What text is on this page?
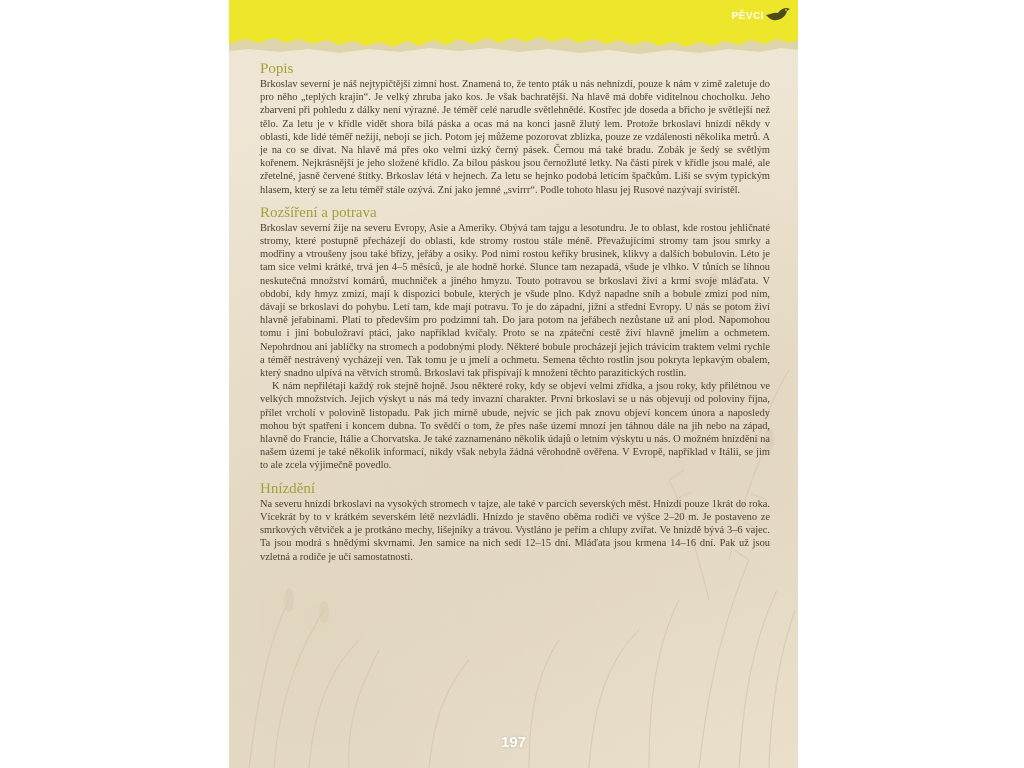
PĚVCI
Popis

Brkoslav severní je náš nejtypičtější zimní host. Znamená to, že tento pták u nás nehnízdí, pouze k nám v zimě zaletuje do pro něho „teplých krajin“. Je velký zhruba jako kos. Je však bachratější. Na hlavě má dobře viditelnou chocholku. Jeho zbarvení při pohledu z dálky není výrazné. Je téměř celé narudle světlehnědé. Kostřec jde doseda a břicho je světlejší než tělo. Za letu je v křídle vidět shora bílá páska a ocas má na konci jasně žlutý lem. Protože brkoslavi hnízdí někdy v oblasti, kde lidé téměř nežijí, nebojí se jich. Potom jej můžeme pozorovat zblízka, pouze ze vzdálenosti několika metrů. A je na co se dívat. Na hlavě má přes oko velmi úzký černý pásek. Černou má také bradu. Zobák je šedý se světlým kořenem. Nejkrásnější je jeho složené křídlo. Za bílou páskou jsou černožluté letky. Na části pírek v křídle jsou malé, ale zřetelné, jasně červené štítky. Brkoslav létá v hejnech. Za letu se hejnko podobá letícím špačkům. Liší se svým typickým hlasem, který se za letu téměř stále ozývá. Zní jako jemné „svirrr“. Podle tohoto hlasu jej Rusové nazývají svirístěl.

Rozšíření a potrava

Brkoslav severní žije na severu Evropy, Asie a Ameriky. Obývá tam tajgu a lesotundru. Je to oblast, kde rostou jehličnaté stromy, které postupně přecházejí do oblasti, kde stromy rostou stále méně. Převažujícími stromy tam jsou smrky a modřiny a vtroušeny jsou také břízy, jeřáby a osiky. Pod nimi rostou keříky brusinek, klikvy a dalších bobulovin. Léto je tam sice velmi krátké, trvá jen 4–5 měsíců, je ale hodně horké. Slunce tam nezapadá, všude je vlhko. V tůních se líhnou neskutečná množství komárů, muchniček a jiného hmyzu. Touto potravou se brkoslavi živí a krmí svoje mláďata. V období, kdy hmyz zmizí, mají k dispozici bobule, kterých je všude plno. Když napadne sníh a bobule zmizí pod ním, dávají se brkoslavi do pohybu. Letí tam, kde mají potravu. To je do západní, jižní a střední Evropy. U nás se potom živí hlavně jeřabinami. Platí to především pro podzimní tah. Do jara potom na jeřábech nezůstane už ani plod. Napomohou tomu i jiní bobuložraví ptáci, jako například kvíčaly. Proto se na zpáteční cestě živí hlavně jmelím a ochmetem. Nepohrdnou ani jablíčky na stromech a podobnými plody. Některé bobule procházejí jejich trávicím traktem velmi rychle a téměř nestrávený vycházejí ven. Tak tomu je u jmelí a ochmetu. Semena těchto rostlin jsou pokryta lepkavým obalem, který snadno ulpívá na větvích stromů. Brkoslavi tak přispívají k množení těchto parazitických rostlin.

K nám nepřilétají každý rok stejně hojně. Jsou některé roky, kdy se objeví velmi zřídka, a jsou roky, kdy přilétnou ve velkých množstvích. Jejich výskyt u nás má tedy invazní charakter. První brkoslavi se u nás objevují od poloviny října, přílet vrcholí v polovině listopadu. Pak jich mírně ubude, nejvíc se jich pak znovu objeví koncem února a naposledy mohou být spatřeni i koncem dubna. To svědčí o tom, že přes naše území mnozí jen táhnou dále na jih nebo na západ, hlavně do Francie, Itálie a Chorvatska. Je také zaznamenáno několik údajů o letním výskytu u nás. O možném hnízdění na našem území je také několik informací, nikdy však nebyla žádná věrohodně ověřena. V Evropě, například v Itálii, se jim to ale zcela výjimečně povedlo.

Hnízdění

Na severu hnízdí brkoslavi na vysokých stromech v tajze, ale také v parcích severských měst. Hnízdí pouze 1krát do roka. Vícekrát by to v krátkém severském létě nezvládli. Hnízdo je stavěno oběma rodiči ve výšce 2–20 m. Je postaveno ze smrkových větviček a je protkáno mechy, lišejníky a trávou. Vystláno je peřím a chlupy zvířat. Ve hnízdě bývá 3–6 vajec. Ta jsou modrá s hnědými skvrnami. Jen samice na nich sedí 12–15 dní. Mláďata jsou krmena 14–16 dní. Pak už jsou vzletná a rodiče je učí samostatnosti.

197
